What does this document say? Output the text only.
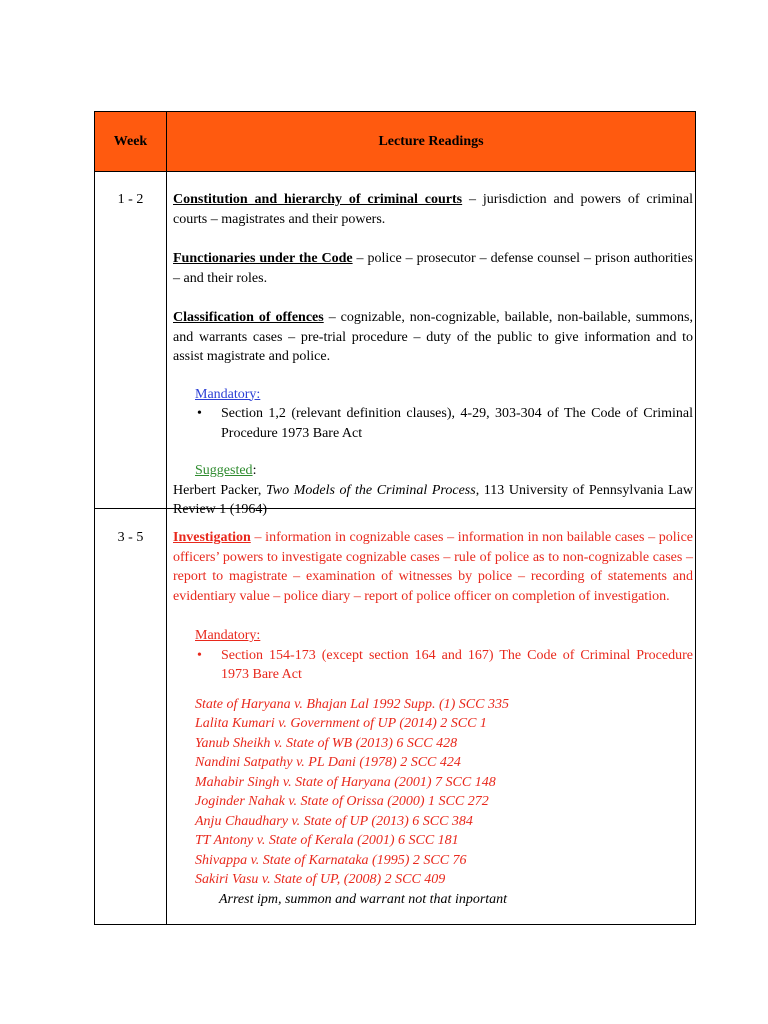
Week	Lecture Readings
1 - 2	Constitution and hierarchy of criminal courts – jurisdiction and powers of criminal courts – magistrates and their powers.

Functionaries under the Code – police – prosecutor – defense counsel – prison authorities – and their roles.

Classification of offences – cognizable, non-cognizable, bailable, non-bailable, summons, and warrants cases – pre-trial procedure – duty of the public to give information and to assist magistrate and police.

Mandatory:
•	Section 1,2 (relevant definition clauses), 4-29, 303-304 of The Code of Criminal Procedure 1973 Bare Act
Suggested:

Herbert Packer, Two Models of the Criminal Process, 113 University of Pennsylvania Law Review 1 (1964)

3 - 5	Investigation – information in cognizable cases – information in non bailable cases – police officers’ powers to investigate cognizable cases – rule of police as to non-cognizable cases – report to magistrate – examination of witnesses by police – recording of statements and evidentiary value – police diary – report of police officer on completion of investigation.

Mandatory:
•	Section 154-173 (except section 164 and 167) The Code of Criminal Procedure 1973 Bare Act
State of Haryana v. Bhajan Lal 1992 Supp. (1) SCC 335
Lalita Kumari v. Government of UP (2014) 2 SCC 1
Yanub Sheikh v. State of WB (2013) 6 SCC 428
Nandini Satpathy v. PL Dani (1978) 2 SCC 424
Mahabir Singh v. State of Haryana (2001) 7 SCC 148
Joginder Nahak v. State of Orissa (2000) 1 SCC 272
Anju Chaudhary v. State of UP (2013) 6 SCC 384
TT Antony v. State of Kerala (2001) 6 SCC 181
Shivappa v. State of Karnataka (1995) 2 SCC 76
Sakiri Vasu v. State of UP, (2008) 2 SCC 409
Arrest ipm, summon and warrant not that inportant
